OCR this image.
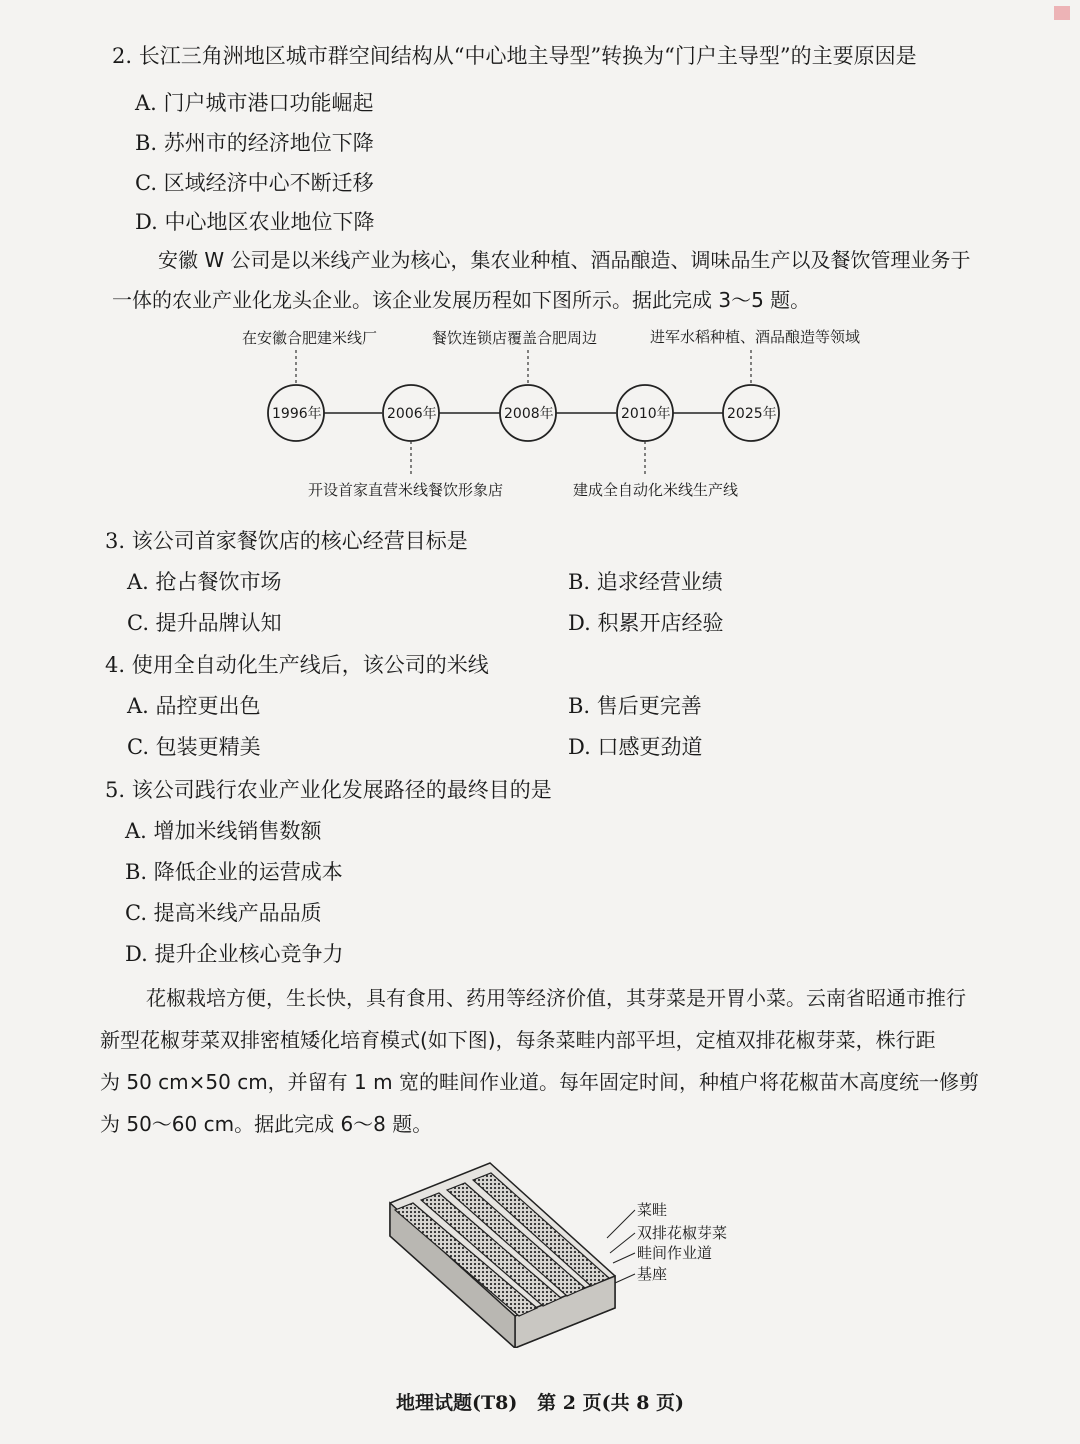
2. 长江三角洲地区城市群空间结构从“中心地主导型”转换为“门户主导型”的主要原因是
A. 门户城市港口功能崛起
B. 苏州市的经济地位下降
C. 区域经济中心不断迁移
D. 中心地区农业地位下降

安徽 W 公司是以米线产业为核心，集农业种植、酒品酿造、调味品生产以及餐饮管理业务于

一体的农业产业化龙头企业。该企业发展历程如下图所示。据此完成 3～5 题。

1996年	2006年	2008年	2010年	2025年
在安徽合肥建米线厂	餐饮连锁店覆盖合肥周边	进军水稻种植、酒品酿造等领域
开设首家直营米线餐饮形象店	建成全自动化米线生产线
3. 该公司首家餐饮店的核心经营目标是
A. 抢占餐饮市场	B. 追求经营业绩
C. 提升品牌认知	D. 积累开店经验
4. 使用全自动化生产线后，该公司的米线
A. 品控更出色	B. 售后更完善
C. 包装更精美	D. 口感更劲道
5. 该公司践行农业产业化发展路径的最终目的是
A. 增加米线销售数额
B. 降低企业的运营成本
C. 提高米线产品品质
D. 提升企业核心竞争力

花椒栽培方便，生长快，具有食用、药用等经济价值，其芽菜是开胃小菜。云南省昭通市推行

新型花椒芽菜双排密植矮化培育模式(如下图)，每条菜畦内部平坦，定植双排花椒芽菜，株行距

为 50 cm×50 cm，并留有 1 m 宽的畦间作业道。每年固定时间，种植户将花椒苗木高度统一修剪

为 50～60 cm。据此完成 6～8 题。

菜畦
双排花椒芽菜
畦间作业道
基座
地理试题(T8)   第 2 页(共 8 页)
